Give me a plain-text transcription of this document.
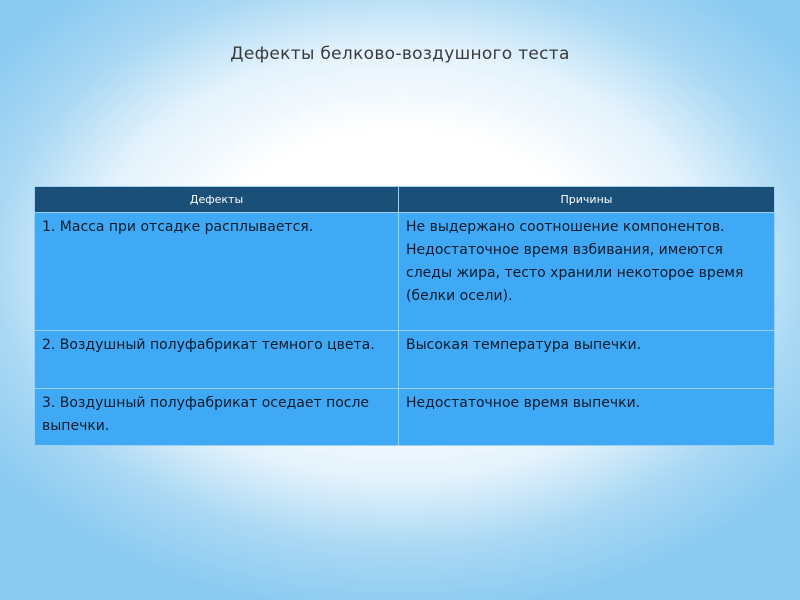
Дефекты белково-воздушного теста
Дефекты	Причины
1. Масса при отсадке расплывается.	Не выдержано соотношение компонентов. Недостаточное время взбивания, имеются следы жира, тесто хранили некоторое время (белки осели).
2. Воздушный полуфабрикат темного цвета.	Высокая температура выпечки.
3. Воздушный полуфабрикат оседает после выпечки.	Недостаточное время выпечки.
